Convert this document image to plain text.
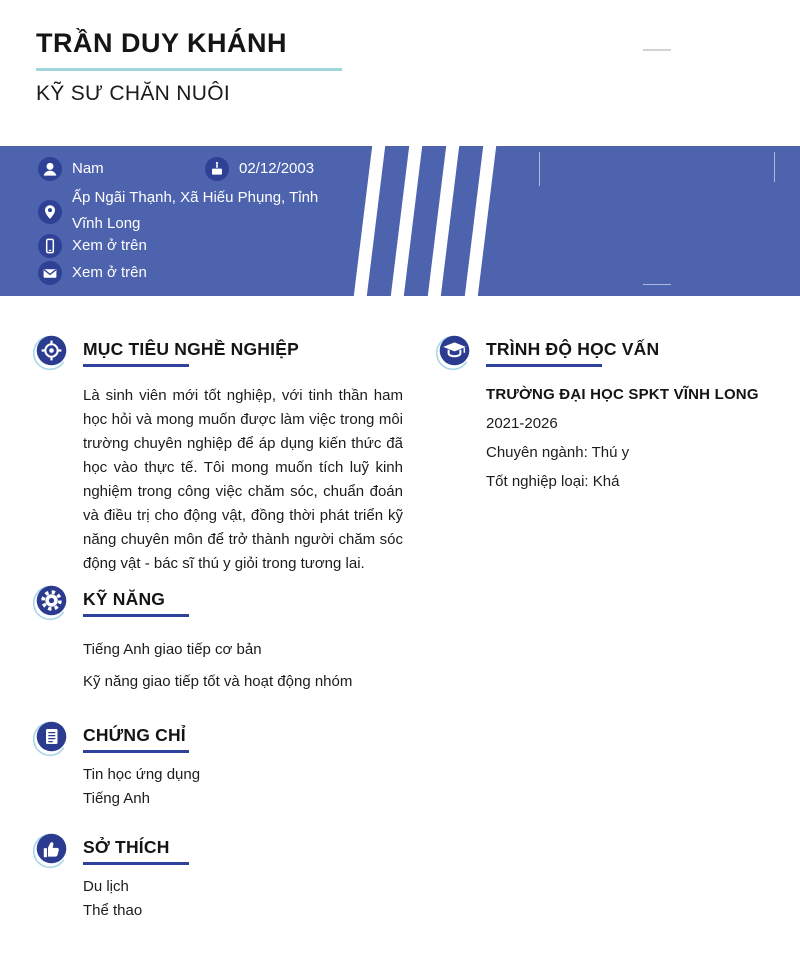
TRẦN DUY KHÁNH
KỸ SƯ CHĂN NUÔI
Nam	02/12/2003
Ấp Ngãi Thạnh, Xã Hiếu Phụng, Tỉnh Vĩnh Long
Xem ở trên
Xem ở trên
MỤC TIÊU NGHỀ NGHIỆP
Là sinh viên mới tốt nghiệp, với tinh thần ham học hỏi và mong muốn được làm việc trong môi trường chuyên nghiệp để áp dụng kiến thức đã học vào thực tế. Tôi mong muốn tích luỹ kinh nghiệm trong công việc chăm sóc, chuẩn đoán và điều trị cho động vật, đồng thời phát triển kỹ năng chuyên môn để trở thành người chăm sóc động vật - bác sĩ thú y giỏi trong tương lai.
KỸ NĂNG
Tiếng Anh giao tiếp cơ bản
Kỹ năng giao tiếp tốt và hoạt động nhóm
CHỨNG CHỈ
Tin học ứng dụng
Tiếng Anh
SỞ THÍCH
Du lịch
Thể thao
TRÌNH ĐỘ HỌC VẤN
TRƯỜNG ĐẠI HỌC SPKT VĨNH LONG
2021-2026
Chuyên ngành: Thú y
Tốt nghiệp loại: Khá
